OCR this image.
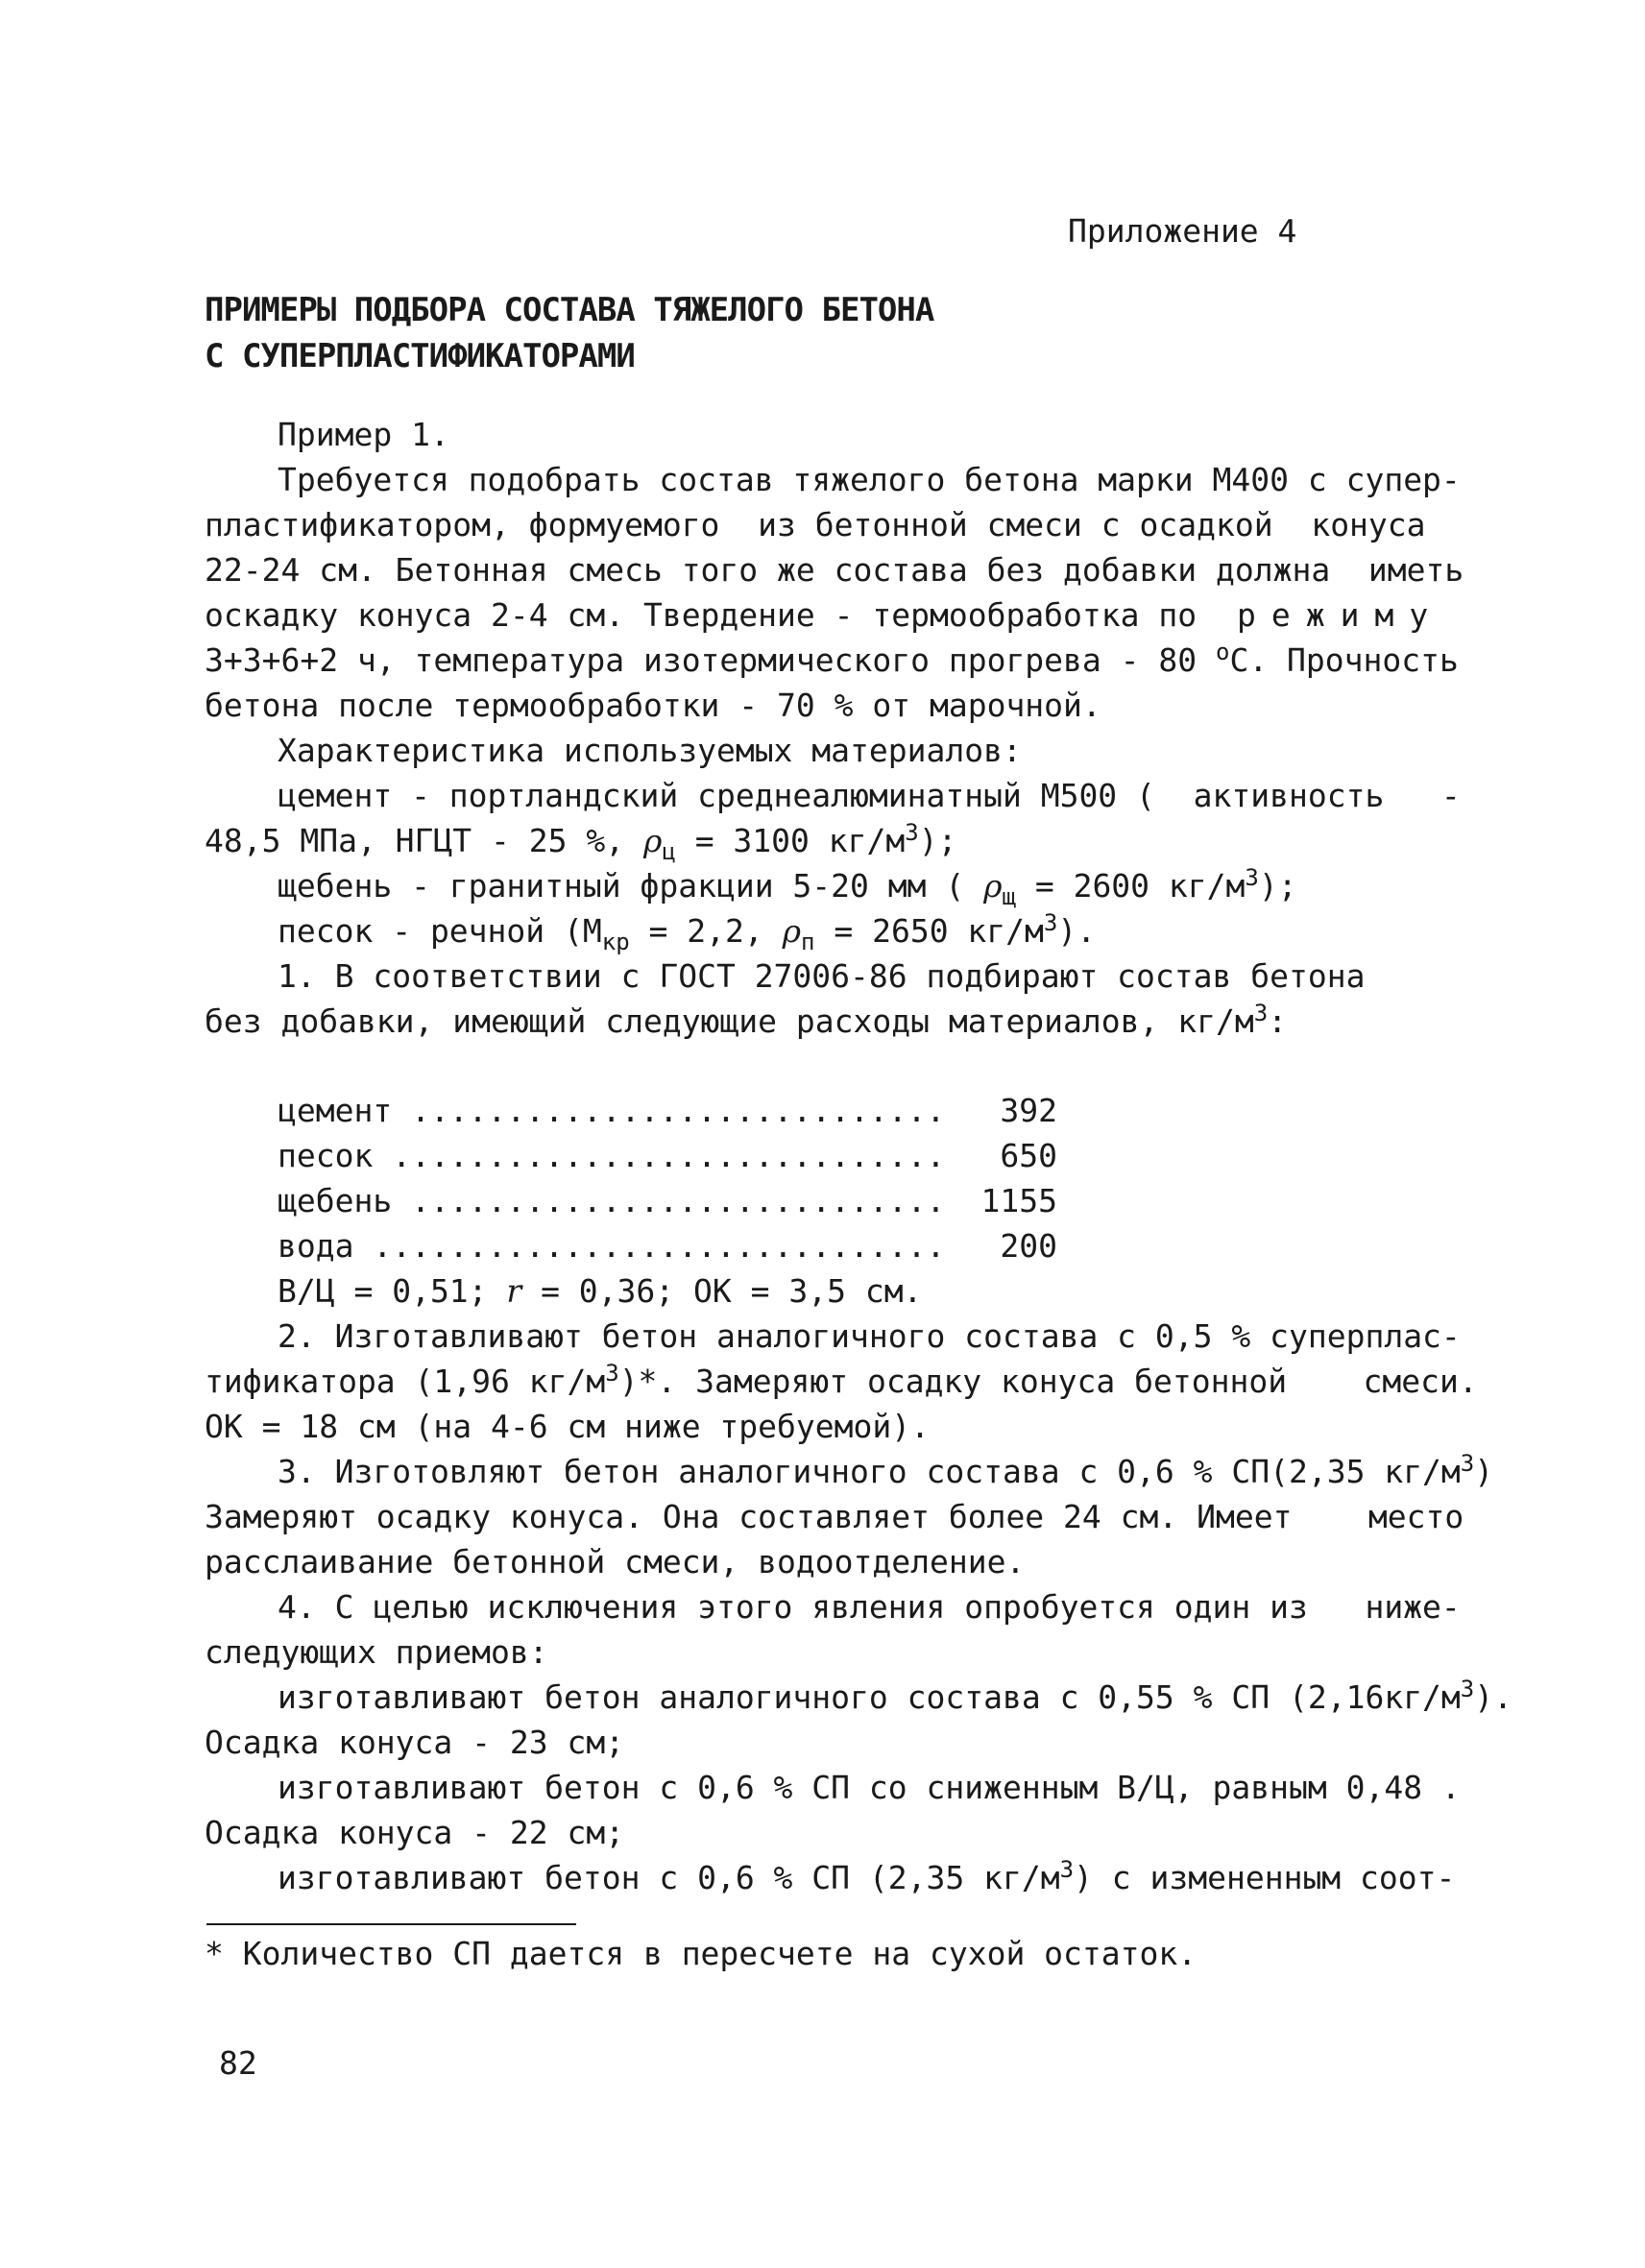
Приложение 4
ПРИМЕРЫ ПОДБОРА СОСТАВА ТЯЖЕЛОГО БЕТОНА
С СУПЕРПЛАСТИФИКАТОРАМИ
Пример 1.
Требуется подобрать состав тяжелого бетона марки М400 с супер-
пластификатором, формуемого  из бетонной смеси с осадкой  конуса
22-24 см. Бетонная смесь того же состава без добавки должна  иметь
оскадку конуса 2-4 см. Твердение - термообработка по режиму
3+3+6+2 ч, температура изотермического прогрева - 80 $^о$С. Прочность
бетона после термообработки - 70 % от марочной.
Характеристика используемых материалов:
цемент - портландский среднеалюминатный М500 (  активность   -
48,5 МПа, НГЦТ - 25 %, $\rho_ц = 3100$ $кг/м^3$);
щебень - гранитный фракции 5-20 мм ( $\rho_щ = 2600$ $кг/м^3$);
песок - речной ($М_{кр} = 2,2$, $\rho_п = 2650$ $кг/м^3$).
1. В соответствии с ГОСТ 27006-86 подбирают состав бетона
без добавки, имеющий следующие расходы материалов, $кг/м^3$:
цемент ............................	392
песок .............................	650
щебень ............................	1155
вода ..............................	200
В/Ц = 0,51; r = 0,36; ОК = 3,5 см.
2. Изготавливают бетон аналогичного состава с 0,5 % суперплас-
тификатора (1,96 $кг/м^3)*$. Замеряют осадку конуса бетонной    смеси.
ОК = 18 см (на 4-6 см ниже требуемой).
3. Изготовляют бетон аналогичного состава с 0,6 % СП(2,35 $кг/м^3$)
Замеряют осадку конуса. Она составляет более 24 см. Имеет    место
расслаивание бетонной смеси, водоотделение.
4. С целью исключения этого явления опробуется один из   ниже-
следующих приемов:
изготавливают бетон аналогичного состава с 0,55 % СП $(2,16кг/м^3)$.
Осадка конуса - 23 см;
изготавливают бетон с 0,6 % СП со сниженным В/Ц, равным 0,48 .
Осадка конуса - 22 см;
изготавливают бетон с 0,6 % СП (2,35 $кг/м^3$) с измененным соот-
* Количество СП дается в пересчете на сухой остаток.
82
